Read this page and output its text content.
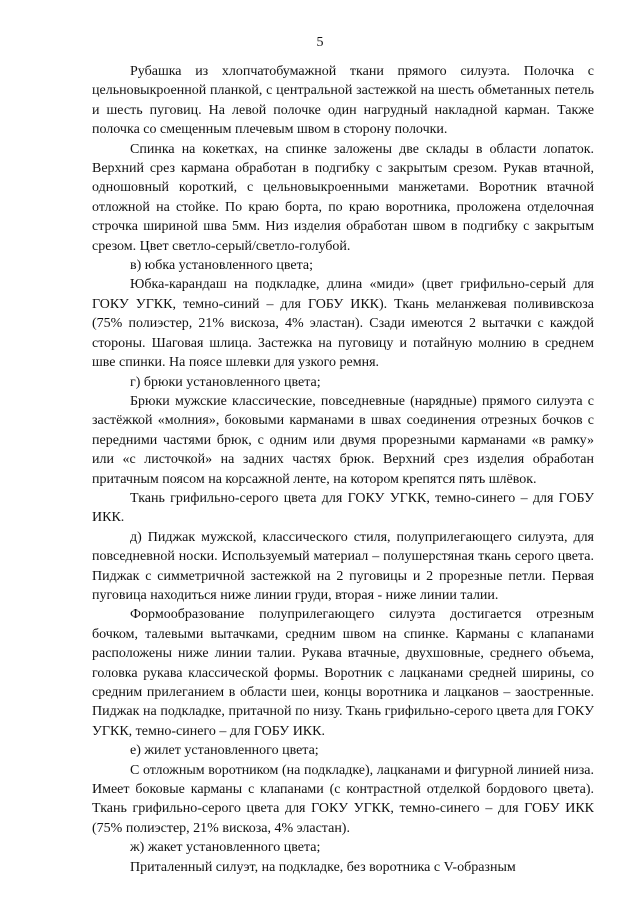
5

Рубашка из хлопчатобумажной ткани прямого силуэта. Полочка с цельновыкроенной планкой, с центральной застежкой на шесть обметанных петель и шесть пуговиц. На левой полочке один нагрудный накладной карман. Также полочка со смещенным плечевым швом в сторону полочки.

Спинка на кокетках, на спинке заложены две склады в области лопаток. Верхний срез кармана обработан в подгибку с закрытым срезом. Рукав втачной, одношовный короткий, с цельновыкроенными манжетами. Воротник втачной отложной на стойке. По краю борта, по краю воротника, проложена отделочная строчка шириной шва 5мм. Низ изделия обработан швом в подгибку с закрытым срезом. Цвет светло-серый/светло-голубой.

в) юбка установленного цвета;

Юбка-карандаш на подкладке, длина «миди» (цвет грифильно-серый для ГОКУ УГКК, темно-синий – для ГОБУ ИКК). Ткань меланжевая полививскоза (75% полиэстер, 21% вискоза, 4% эластан). Сзади имеются 2 вытачки с каждой стороны. Шаговая шлица. Застежка на пуговицу и потайную молнию в среднем шве спинки. На поясе шлевки для узкого ремня.

г) брюки установленного цвета;

Брюки мужские классические, повседневные (нарядные) прямого силуэта с застёжкой «молния», боковыми карманами в швах соединения отрезных бочков с передними частями брюк, с одним или двумя прорезными карманами «в рамку» или «с листочкой» на задних частях брюк. Верхний срез изделия обработан притачным поясом на корсажной ленте, на котором крепятся пять шлёвок.

Ткань грифильно-серого цвета для ГОКУ УГКК, темно-синего – для ГОБУ ИКК.

д) Пиджак мужской, классического стиля, полуприлегающего силуэта, для повседневной носки. Используемый материал – полушерстяная ткань серого цвета. Пиджак с симметричной застежкой на 2 пуговицы и 2 прорезные петли. Первая пуговица находиться ниже линии груди, вторая - ниже линии талии.

Формообразование полуприлегающего силуэта достигается отрезным бочком, талевыми вытачками, средним швом на спинке. Карманы с клапанами расположены ниже линии талии. Рукава втачные, двухшовные, среднего объема, головка рукава классической формы. Воротник с лацканами средней ширины, со средним прилеганием в области шеи, концы воротника и лацканов – заостренные. Пиджак на подкладке, притачной по низу. Ткань грифильно-серого цвета для ГОКУ УГКК, темно-синего – для ГОБУ ИКК.

е) жилет установленного цвета;

С отложным воротником (на подкладке), лацканами и фигурной линией низа. Имеет боковые карманы с клапанами (с контрастной отделкой бордового цвета). Ткань грифильно-серого цвета для ГОКУ УГКК, темно-синего – для ГОБУ ИКК (75% полиэстер, 21% вискоза, 4% эластан).

ж) жакет установленного цвета;

Приталенный силуэт, на подкладке, без воротника с V-образным
